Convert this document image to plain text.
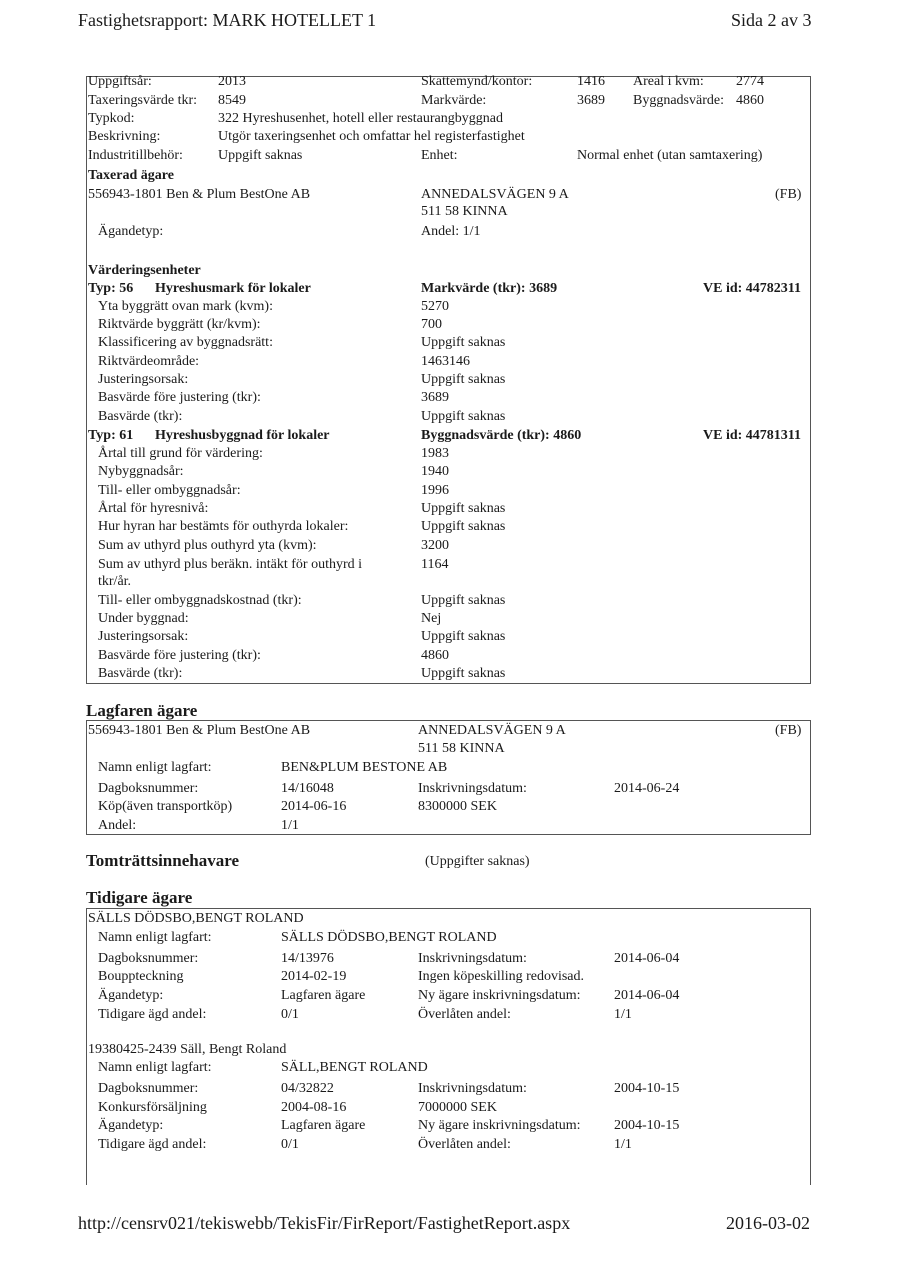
Fastighetsrapport: MARK HOTELLET 1	Sida 2 av 3
Uppgiftsår:	2013	Skattemynd/kontor:	1416 Areal i kvm: 2774
Taxeringsvärde tkr: 8549	Markvärde:	3689 Byggnadsvärde: 4860
Typkod:	322 Hyreshusenhet, hotell eller restaurangbyggnad
Beskrivning:	Utgör taxeringsenhet och omfattar hel registerfastighet
Industritillbehör:	Uppgift saknas	Enhet:	Normal enhet (utan samtaxering)
Taxerad ägare
556943-1801 Ben & Plum BestOne AB	ANNEDALSVÄGEN 9 A
511 58 KINNA
(FB)
Ägandetyp:	Andel: 1/1
Värderingsenheter
Typ: 56 Hyreshusmark för lokaler	Markvärde (tkr): 3689	VE id: 44782311
Yta byggrätt ovan mark (kvm):	5270
Riktvärde byggrätt (kr/kvm):	700
Klassificering av byggnadsrätt:	Uppgift saknas
Riktvärdeområde:	1463146
Justeringsorsak:	Uppgift saknas
Basvärde före justering (tkr):	3689
Basvärde (tkr):	Uppgift saknas
Typ: 61 Hyreshusbyggnad för lokaler	Byggnadsvärde (tkr): 4860	VE id: 44781311
Årtal till grund för värdering:	1983
Nybyggnadsår:	1940
Till- eller ombyggnadsår:	1996
Årtal för hyresnivå:	Uppgift saknas
Hur hyran har bestämts för outhyrda lokaler:	Uppgift saknas
Sum av uthyrd plus outhyrd yta (kvm):	3200
Sum av uthyrd plus beräkn. intäkt för outhyrd i	1164
tkr/år.
Till- eller ombyggnadskostnad (tkr):	Uppgift saknas
Under byggnad:	Nej
Justeringsorsak:	Uppgift saknas
Basvärde före justering (tkr):	4860
Basvärde (tkr):	Uppgift saknas
Lagfaren ägare
556943-1801 Ben & Plum BestOne AB	ANNEDALSVÄGEN 9 A
511 58 KINNA
(FB)
Namn enligt lagfart:	BEN&PLUM BESTONE AB
Dagboksnummer:	14/16048	Inskrivningsdatum:	2014-06-24
Köp(även transportköp)	2014-06-16	8300000 SEK
Andel:	1/1
Tomträttsinnehavare	(Uppgifter saknas)
Tidigare ägare
SÄLLS DÖDSBO,BENGT ROLAND
Namn enligt lagfart:	SÄLLS DÖDSBO,BENGT ROLAND
Dagboksnummer:	14/13976	Inskrivningsdatum:	2014-06-04
Bouppteckning	2014-02-19	Ingen köpeskilling redovisad.
Ägandetyp:	Lagfaren ägare	Ny ägare inskrivningsdatum: 2014-06-04
Tidigare ägd andel:	0/1	Överlåten andel:	1/1
19380425-2439 Säll, Bengt Roland
Namn enligt lagfart:	SÄLL,BENGT ROLAND
Dagboksnummer:	04/32822	Inskrivningsdatum:	2004-10-15
Konkursförsäljning	2004-08-16	7000000 SEK
Ägandetyp:	Lagfaren ägare	Ny ägare inskrivningsdatum: 2004-10-15
Tidigare ägd andel:	0/1	Överlåten andel:	1/1
http://censrv021/tekiswebb/TekisFir/FirReport/FastighetReport.aspx	2016-03-02
